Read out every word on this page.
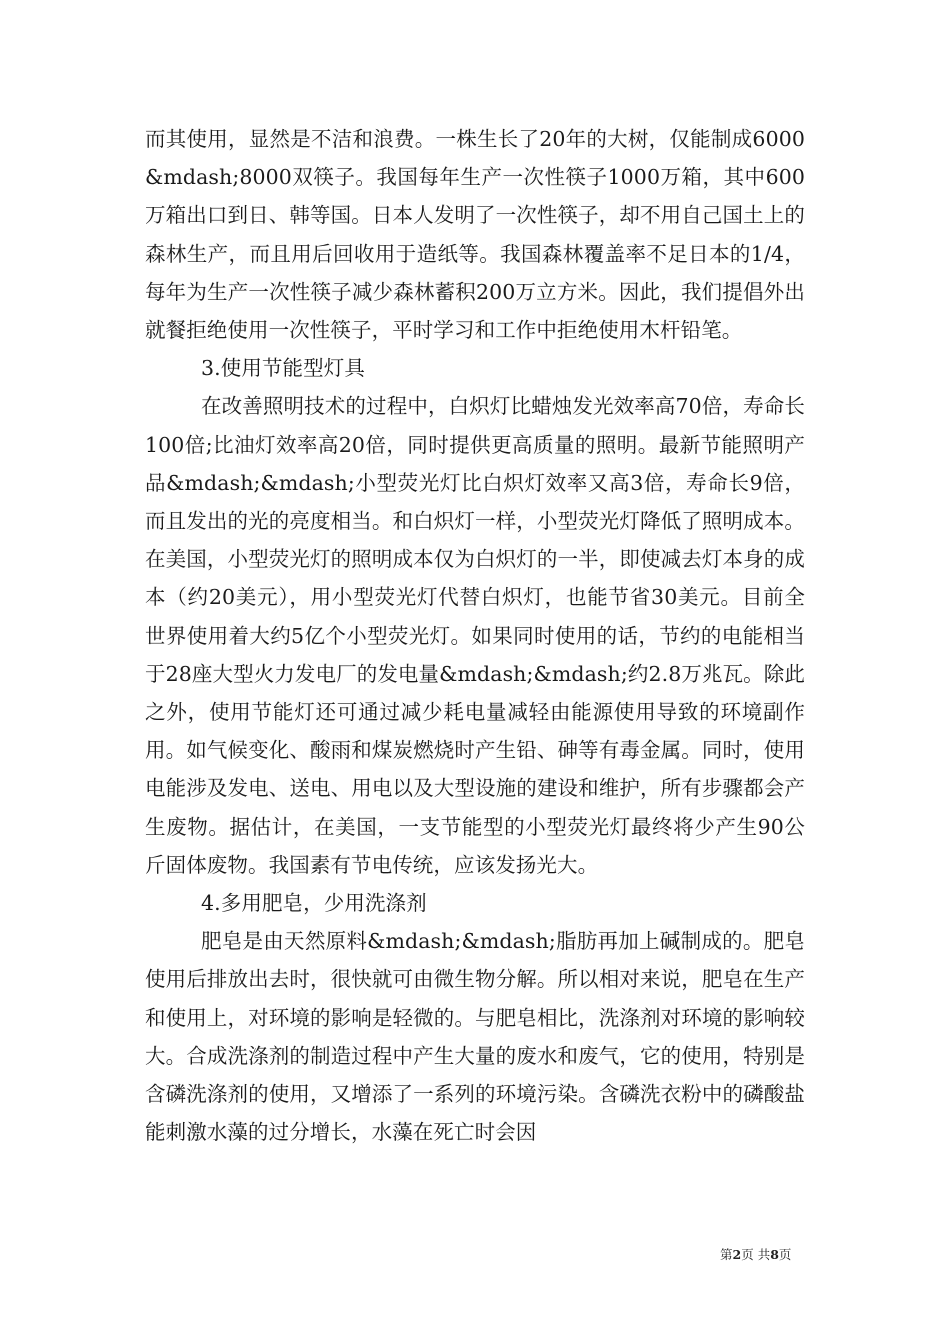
而其使用，显然是不洁和浪费。一株生长了20年的大树，仅能制成6000&mdash;8000双筷子。我国每年生产一次性筷子1000万箱，其中600万箱出口到日、韩等国。日本人发明了一次性筷子，却不用自己国土上的森林生产，而且用后回收用于造纸等。我国森林覆盖率不足日本的1/4，每年为生产一次性筷子减少森林蓄积200万立方米。因此，我们提倡外出就餐拒绝使用一次性筷子，平时学习和工作中拒绝使用木杆铅笔。

3.使用节能型灯具

在改善照明技术的过程中，白炽灯比蜡烛发光效率高70倍，寿命长100倍;比油灯效率高20倍，同时提供更高质量的照明。最新节能照明产品&mdash;&mdash;小型荧光灯比白炽灯效率又高3倍，寿命长9倍，而且发出的光的亮度相当。和白炽灯一样，小型荧光灯降低了照明成本。在美国，小型荧光灯的照明成本仅为白炽灯的一半，即使减去灯本身的成本（约20美元），用小型荧光灯代替白炽灯，也能节省30美元。目前全世界使用着大约5亿个小型荧光灯。如果同时使用的话，节约的电能相当于28座大型火力发电厂的发电量&mdash;&mdash;约2.8万兆瓦。除此之外，使用节能灯还可通过减少耗电量减轻由能源使用导致的环境副作用。如气候变化、酸雨和煤炭燃烧时产生铅、砷等有毒金属。同时，使用电能涉及发电、送电、用电以及大型设施的建设和维护，所有步骤都会产生废物。据估计，在美国，一支节能型的小型荧光灯最终将少产生90公斤固体废物。我国素有节电传统，应该发扬光大。

4.多用肥皂，少用洗涤剂

肥皂是由天然原料&mdash;&mdash;脂肪再加上碱制成的。肥皂使用后排放出去时，很快就可由微生物分解。所以相对来说，肥皂在生产和使用上，对环境的影响是轻微的。与肥皂相比，洗涤剂对环境的影响较大。合成洗涤剂的制造过程中产生大量的废水和废气，它的使用，特别是含磷洗涤剂的使用，又增添了一系列的环境污染。含磷洗衣粉中的磷酸盐能刺激水藻的过分增长，水藻在死亡时会因

第2页 共8页
